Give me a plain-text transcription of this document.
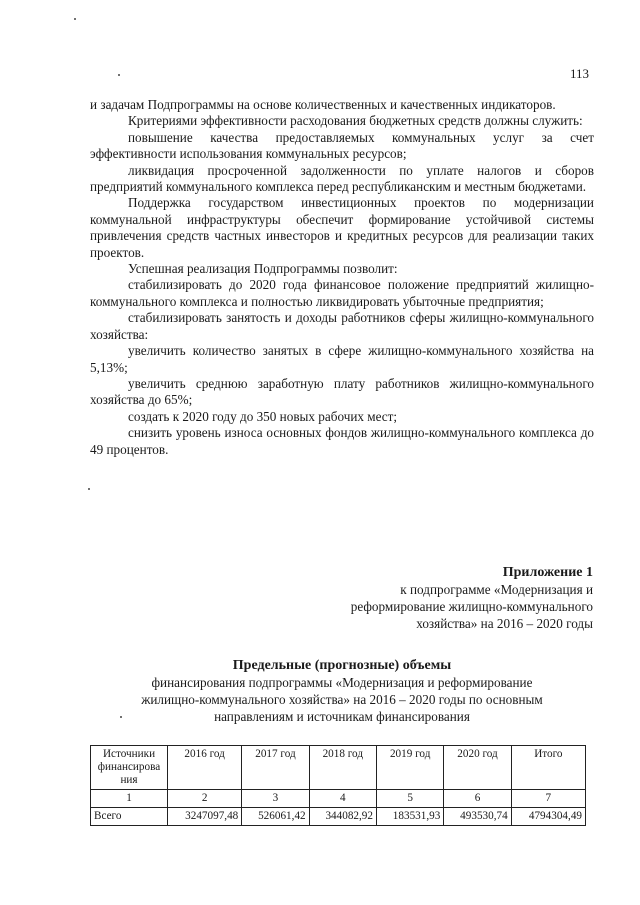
113

и задачам Подпрограммы на основе количественных и качественных индикаторов.

Критериями эффективности расходования бюджетных средств должны служить:

повышение качества предоставляемых коммунальных услуг за счет эффективности использования коммунальных ресурсов;

ликвидация просроченной задолженности по уплате налогов и сборов предприятий коммунального комплекса перед республиканским и местным бюджетами.

Поддержка государством инвестиционных проектов по модернизации коммунальной инфраструктуры обеспечит формирование устойчивой системы привлечения средств частных инвесторов и кредитных ресурсов для реализации таких проектов.

Успешная реализация Подпрограммы позволит:

стабилизировать до 2020 года финансовое положение предприятий жилищно-коммунального комплекса и полностью ликвидировать убыточные предприятия;

стабилизировать занятость и доходы работников сферы жилищно-коммунального хозяйства:

увеличить количество занятых в сфере жилищно-коммунального хозяйства на 5,13%;

увеличить среднюю заработную плату работников жилищно-коммунального хозяйства до 65%;

создать к 2020 году до 350 новых рабочих мест;

снизить уровень износа основных фондов жилищно-коммунального комплекса до 49 процентов.

Приложение 1
к подпрограмме «Модернизация и
реформирование жилищно-коммунального
хозяйства» на 2016 – 2020 годы
Предельные (прогнозные) объемы
финансирования подпрограммы «Модернизация и реформирование
жилищно-коммунального хозяйства» на 2016 – 2020 годы по основным
направлениям и источникам финансирования
Источники финансирова ния	2016 год	2017 год	2018 год	2019 год	2020 год	Итого
1	2	3	4	5	6	7
Всего	3247097,48	526061,42	344082,92	183531,93	493530,74	4794304,49
